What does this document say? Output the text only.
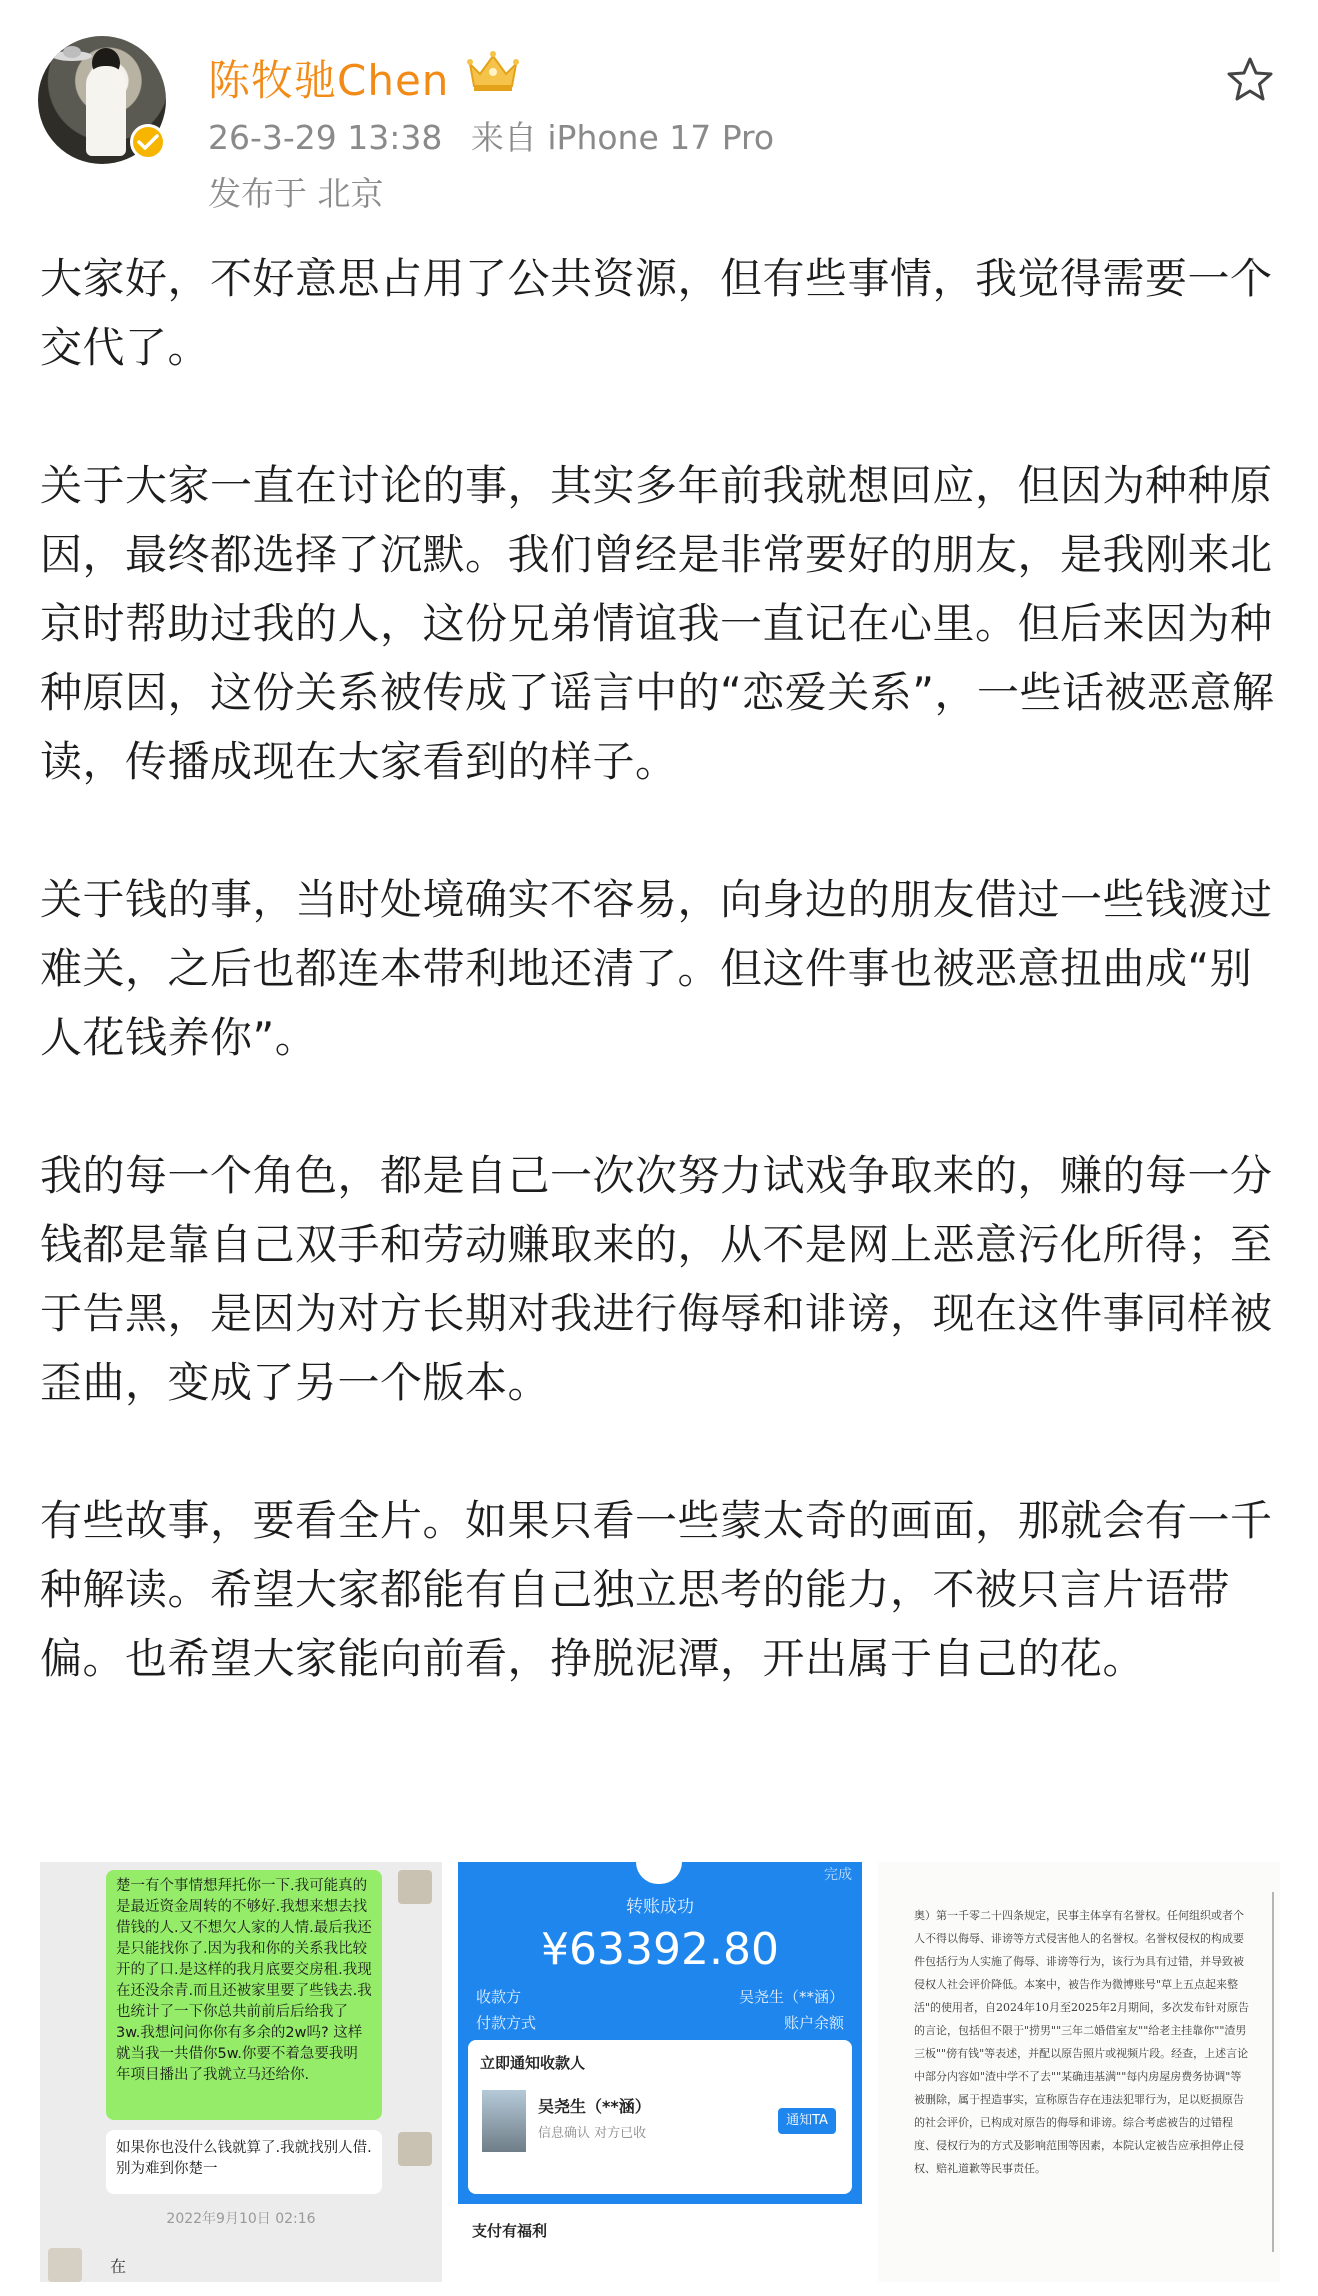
陈牧驰Chen
26-3-29 13:38 来自 iPhone 17 Pro
发布于 北京

大家好，不好意思占用了公共资源，但有些事情，我觉得需要一个交代了。

关于大家一直在讨论的事，其实多年前我就想回应，但因为种种原因，最终都选择了沉默。我们曾经是非常要好的朋友，是我刚来北京时帮助过我的人，这份兄弟情谊我一直记在心里。但后来因为种种原因，这份关系被传成了谣言中的“恋爱关系”，一些话被恶意解读，传播成现在大家看到的样子。

关于钱的事，当时处境确实不容易，向身边的朋友借过一些钱渡过难关，之后也都连本带利地还清了。但这件事也被恶意扭曲成“别人花钱养你”。

我的每一个角色，都是自己一次次努力试戏争取来的，赚的每一分钱都是靠自己双手和劳动赚取来的，从不是网上恶意污化所得；至于告黑，是因为对方长期对我进行侮辱和诽谤，现在这件事同样被歪曲，变成了另一个版本。

有些故事，要看全片。如果只看一些蒙太奇的画面，那就会有一千种解读。希望大家都能有自己独立思考的能力，不被只言片语带偏。也希望大家能向前看，挣脱泥潭，开出属于自己的花。

楚一有个事情想拜托你一下.我可能真的是最近资金周转的不够好.我想来想去找借钱的人.又不想欠人家的人情.最后我还是只能找你了.因为我和你的关系我比较开的了口.是这样的我月底要交房租.我现在还没余青.而且还被家里要了些钱去.我也统计了一下你总共前前后后给我了3w.我想问问你你有多余的2w吗? 这样就当我一共借你5w.你要不着急要我明年项目播出了我就立马还给你.
如果你也没什么钱就算了.我就找别人借.别为难到你楚一
2022年9月10日 02:16
在
完成
转账成功
¥63392.80
收款方	吴尧生（**涵）
付款方式	账户余额
立即通知收款人
吴尧生（**涵）
信息确认 对方已收
通知TA
支付有福利
奥）第一千零二十四条规定，民事主体享有名誉权。任何组织或者个人不得以侮辱、诽谤等方式侵害他人的名誉权。名誉权侵权的构成要件包括行为人实施了侮辱、诽谤等行为，该行为具有过错，并导致被侵权人社会评价降低。本案中，被告作为微博账号"草上五点起来整活"的使用者，自2024年10月至2025年2月期间，多次发布针对原告的言论，包括但不限于"捞男""三年二婚借室友""给老主挂靠你""渣男三板""傍有钱"等表述，并配以原告照片或视频片段。经查，上述言论中部分内容如"渣中学不了去""某确违基满""每内房屋房费务协调"等被删除，属于捏造事实，宣称原告存在违法犯罪行为，足以贬损原告的社会评价，已构成对原告的侮辱和诽谤。综合考虑被告的过错程度、侵权行为的方式及影响范围等因素，本院认定被告应承担停止侵权、赔礼道歉等民事责任。
